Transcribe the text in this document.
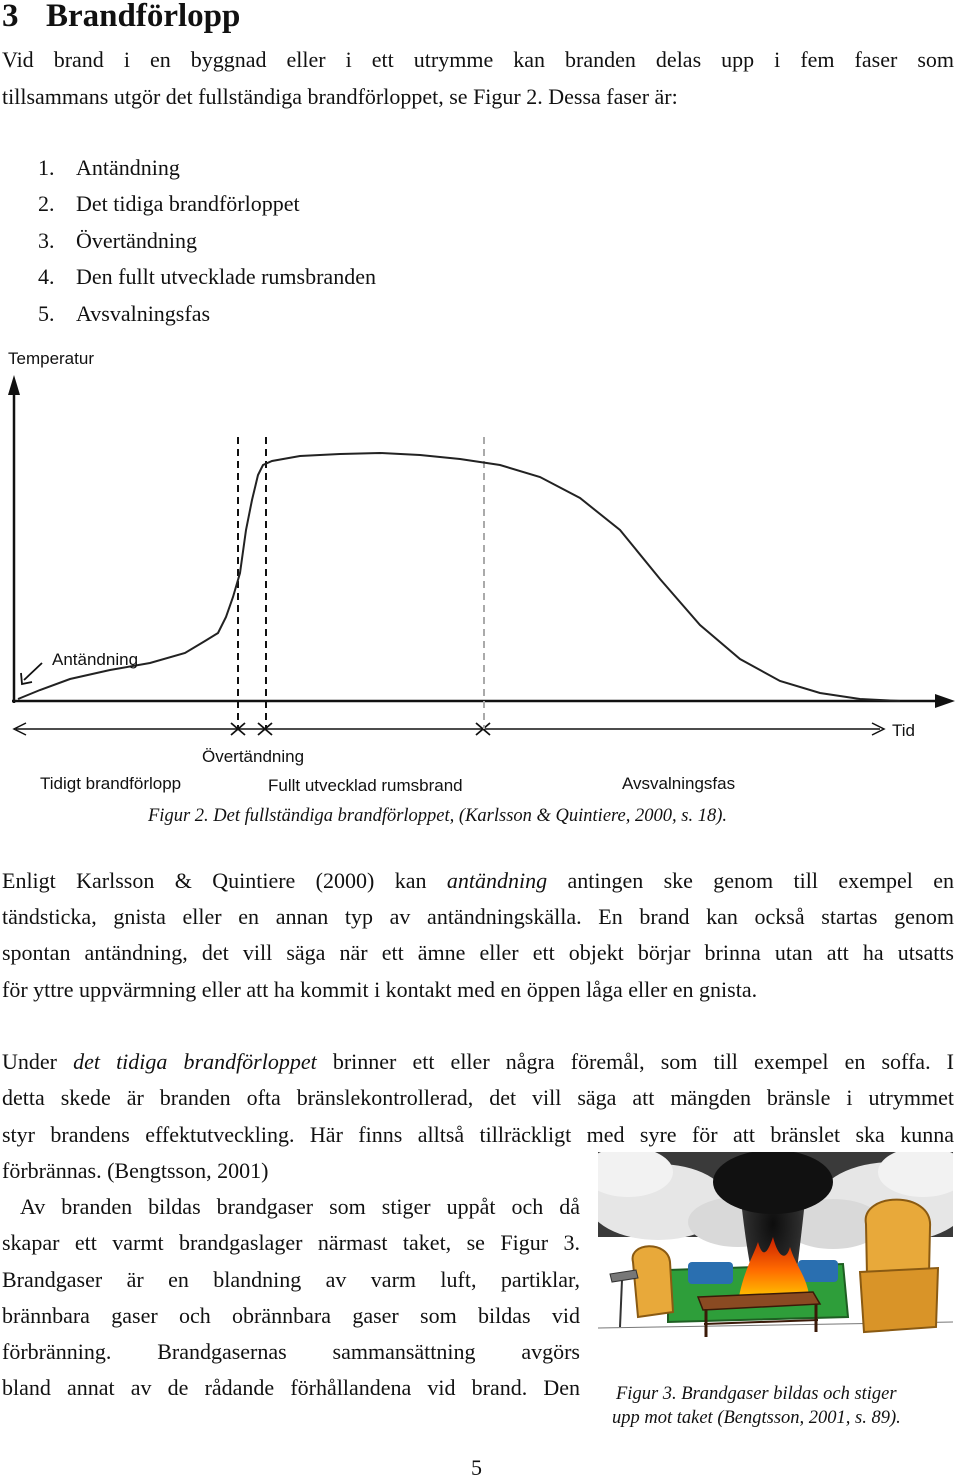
3 Brandförlopp
Vid brand i en byggnad eller i ett utrymme kan branden delas upp i fem faser som
tillsammans utgör det fullständiga brandförloppet, se Figur 2. Dessa faser är:
1. Antändning
2. Det tidiga brandförloppet
3. Övertändning
4. Den fullt utvecklade rumsbranden
5. Avsvalningsfas
Temperatur
Tid
Antändning
Övertändning
Tidigt brandförlopp	Fullt utvecklad rumsbrand	Avsvalningsfas
Figur 2. Det fullständiga brandförloppet, (Karlsson & Quintiere, 2000, s. 18).
Enligt Karlsson & Quintiere (2000) kan antändning antingen ske genom till exempel en
tändsticka, gnista eller en annan typ av antändningskälla. En brand kan också startas genom
spontan antändning, det vill säga när ett ämne eller ett objekt börjar brinna utan att ha utsatts
för yttre uppvärmning eller att ha kommit i kontakt med en öppen låga eller en gnista.
Under det tidiga brandförloppet brinner ett eller några föremål, som till exempel en soffa. I
detta skede är branden ofta bränslekontrollerad, det vill säga att mängden bränsle i utrymmet
styr brandens effektutveckling. Här finns alltså tillräckligt med syre för att bränslet ska kunna
förbrännas. (Bengtsson, 2001)
Av branden bildas brandgaser som stiger uppåt och då
skapar ett varmt brandgaslager närmast taket, se Figur 3.
Brandgaser är en blandning av varm luft, partiklar,
brännbara gaser och obrännbara gaser som bildas vid
förbränning. Brandgasernas sammansättning avgörs
bland annat av de rådande förhållandena vid brand. Den Figur 3. Brandgaser bildas och stiger
upp mot taket (Bengtsson, 2001, s. 89).
5
